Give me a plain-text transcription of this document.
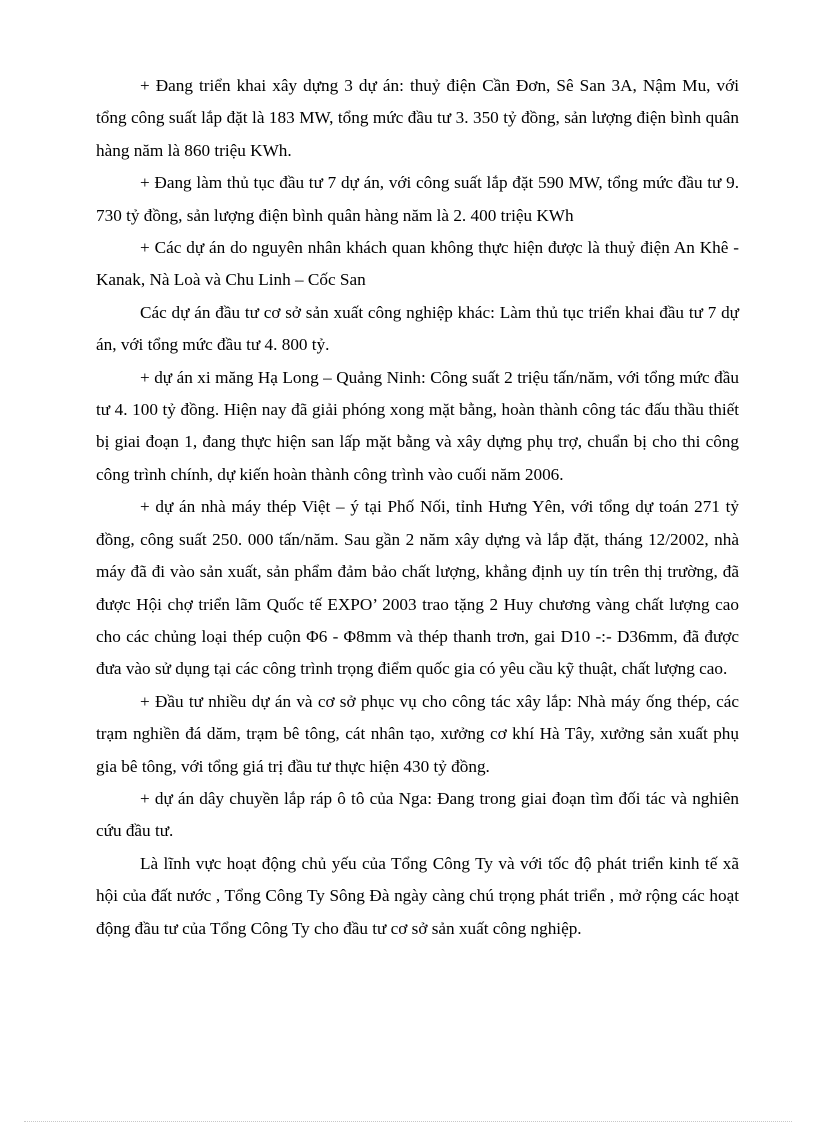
+ Đang triển khai xây dựng 3 dự án: thuỷ điện Cần Đơn, Sê San 3A, Nậm Mu, với tổng công suất lắp đặt là 183 MW, tổng mức đầu tư 3. 350 tỷ đồng, sản lượng điện bình quân hàng năm là 860 triệu KWh.

+ Đang làm thủ tục đầu tư 7 dự án, với công suất lắp đặt 590 MW, tổng mức đầu tư 9. 730 tỷ đồng, sản lượng điện bình quân hàng năm là 2. 400 triệu KWh

+ Các dự án do nguyên nhân khách quan không thực hiện được là thuỷ điện An Khê - Kanak, Nà Loà và Chu Linh – Cốc San

Các dự án đầu tư cơ sở sản xuất công nghiệp khác: Làm thủ tục triển khai đầu tư 7 dự án, với tổng mức đầu tư 4. 800 tỷ.

+ dự án xi măng Hạ Long – Quảng Ninh: Công suất 2 triệu tấn/năm, với tổng mức đầu tư 4. 100 tỷ đồng. Hiện nay đã giải phóng xong mặt bằng, hoàn thành công tác đấu thầu thiết bị giai đoạn 1, đang thực hiện san lấp mặt bằng và xây dựng phụ trợ, chuẩn bị cho thi công công trình chính, dự kiến hoàn thành công trình vào cuối năm 2006.

+ dự án nhà máy thép Việt – ý tại Phố Nối, tỉnh Hưng Yên, với tổng dự toán 271 tỷ đồng, công suất 250. 000 tấn/năm. Sau gần 2 năm xây dựng và lắp đặt, tháng 12/2002, nhà máy đã đi vào sản xuất, sản phẩm đảm bảo chất lượng, khẳng định uy tín trên thị trường, đã được Hội chợ triển lãm Quốc tế EXPO’ 2003 trao tặng 2 Huy chương vàng chất lượng cao cho các chủng loại thép cuộn Φ6 - Φ8mm và thép thanh trơn, gai D10 -:- D36mm, đã được đưa vào sử dụng tại các công trình trọng điểm quốc gia có yêu cầu kỹ thuật, chất lượng cao.

+ Đầu tư nhiều dự án và cơ sở phục vụ cho công tác xây lắp: Nhà máy ống thép, các trạm nghiền đá dăm, trạm bê tông, cát nhân tạo, xưởng cơ khí Hà Tây, xưởng sản xuất phụ gia bê tông, với tổng giá trị đầu tư thực hiện 430 tỷ đồng.

+ dự án dây chuyền lắp ráp ô tô của Nga: Đang trong giai đoạn tìm đối tác và nghiên cứu đầu tư.

Là lĩnh vực hoạt động chủ yếu của Tổng Công Ty và với tốc độ phát triển kinh tế xã hội của đất nước , Tổng Công Ty Sông Đà ngày càng chú trọng phát triển , mở rộng các hoạt động đầu tư của Tổng Công Ty cho đầu tư cơ sở sản xuất công nghiệp.
